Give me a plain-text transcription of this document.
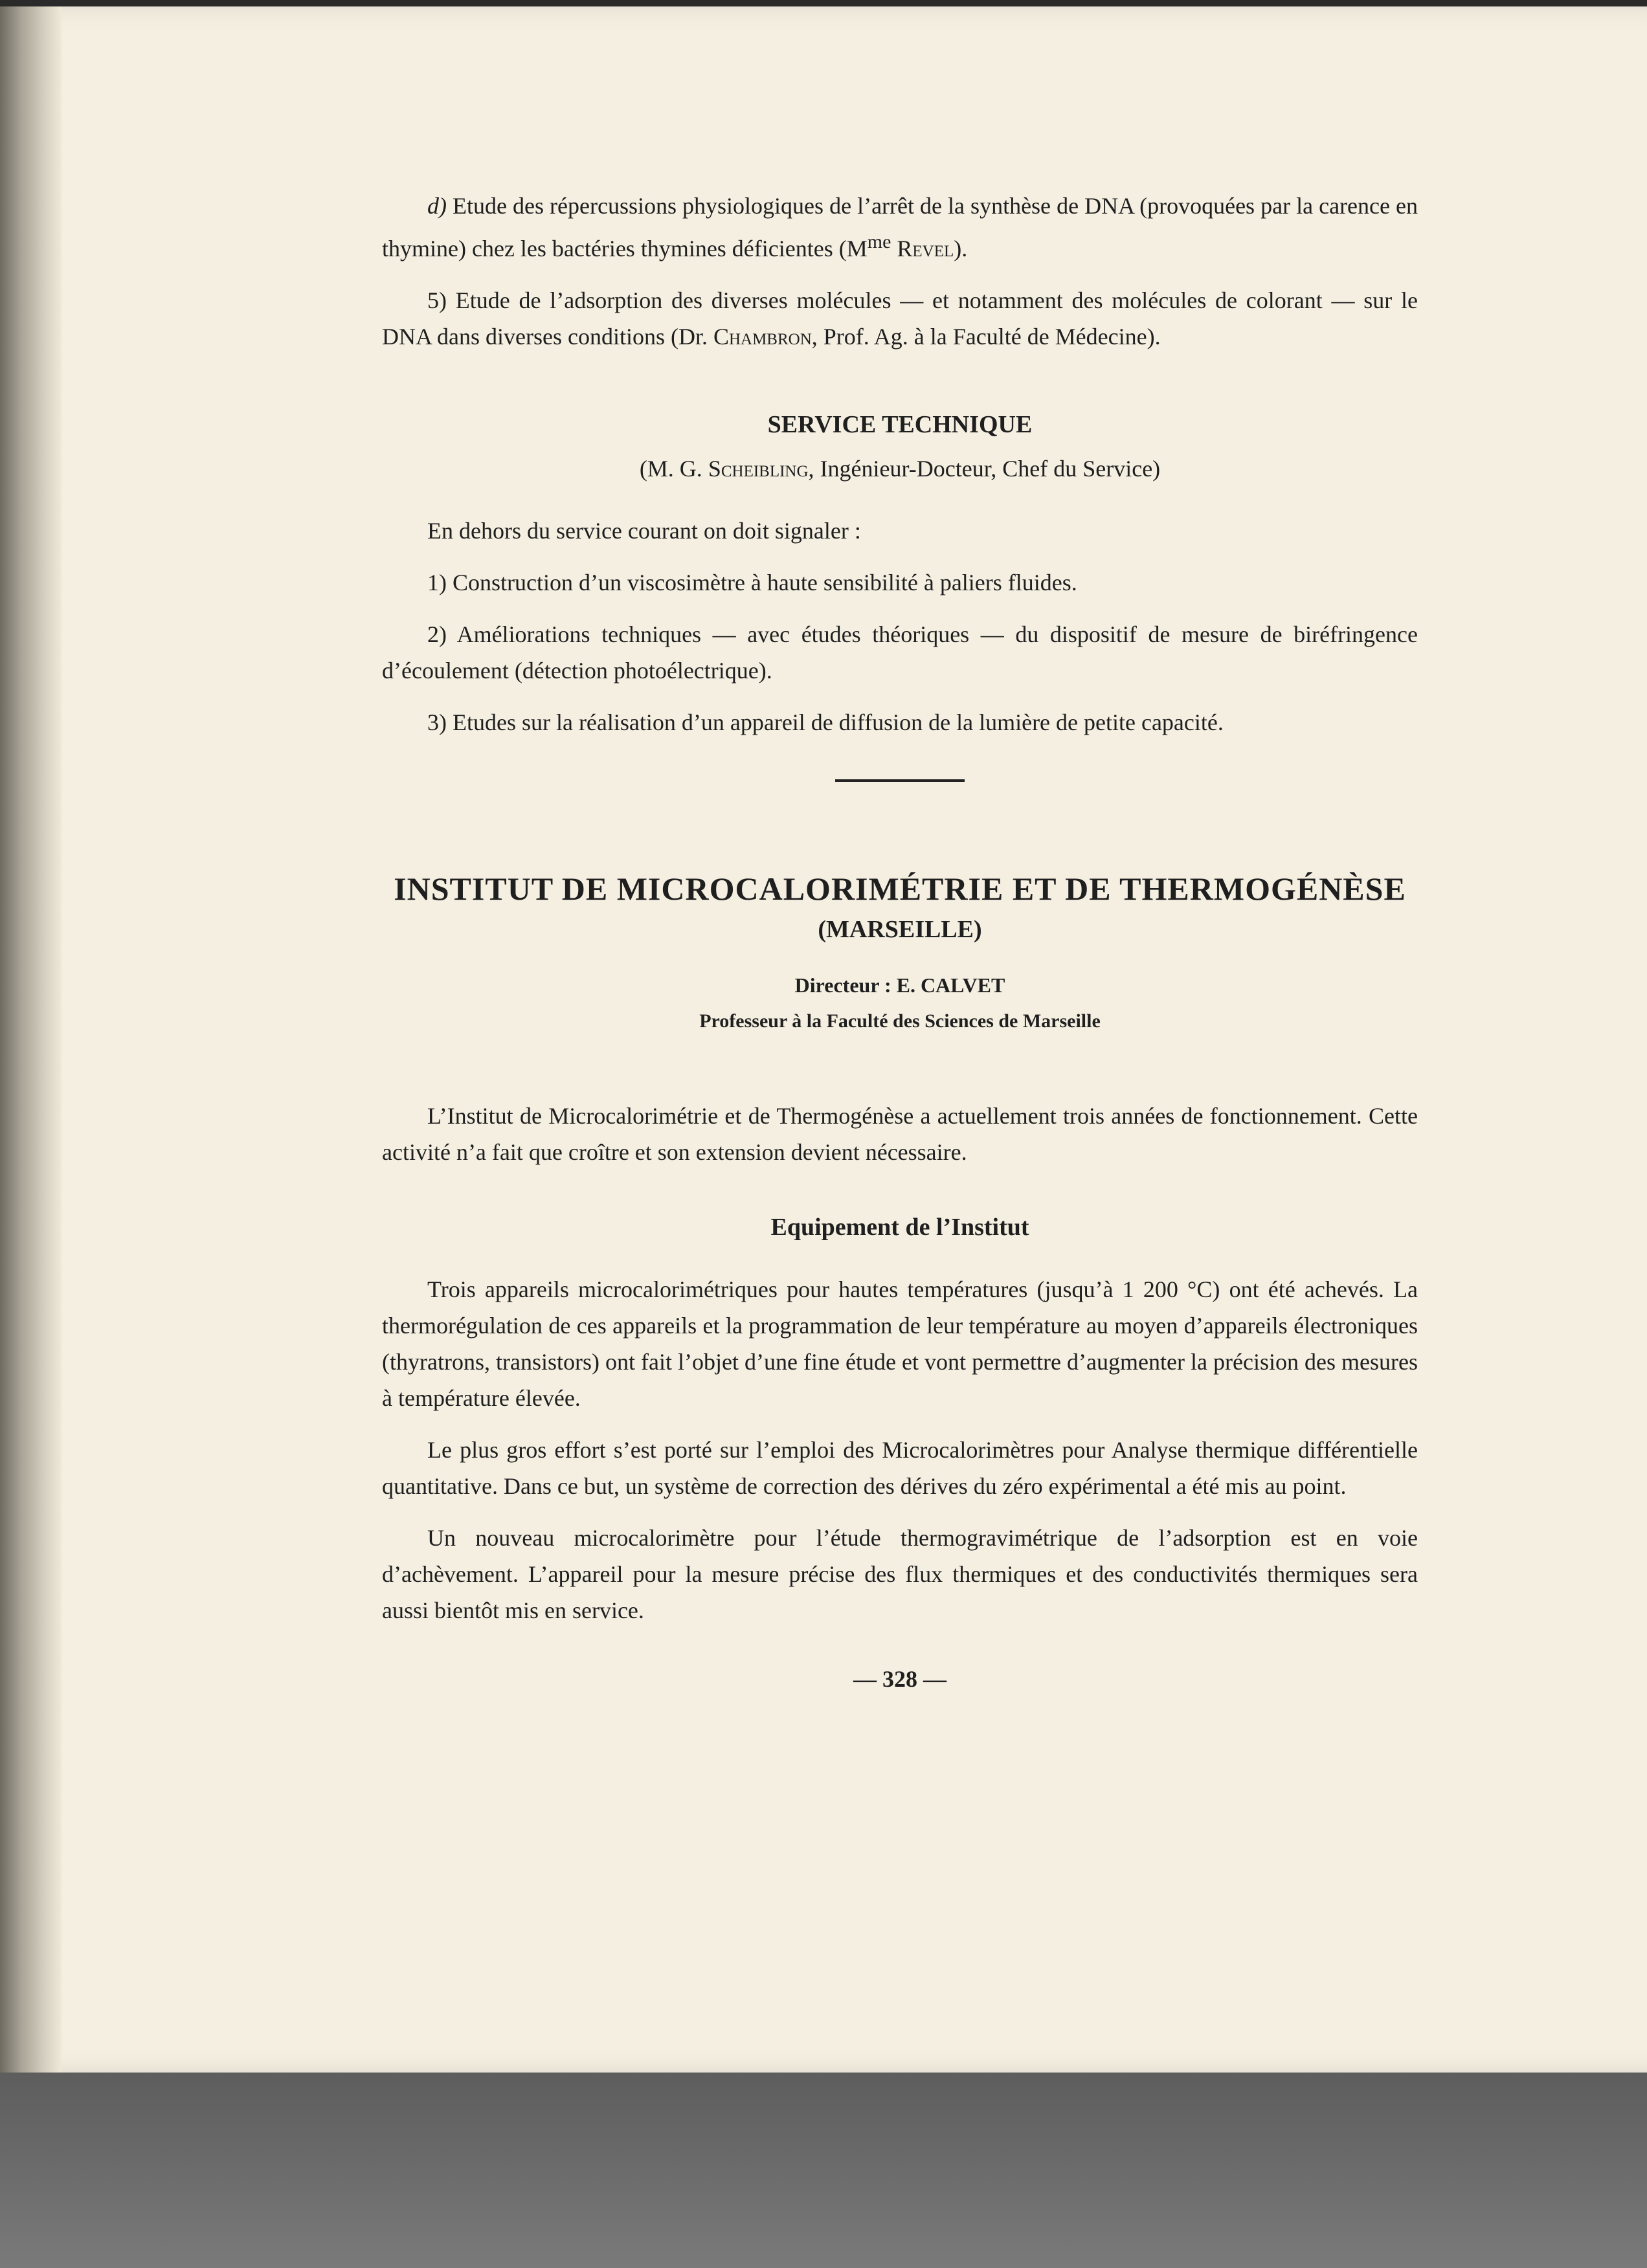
d) Etude des répercussions physiologiques de l’arrêt de la synthèse de DNA (provoquées par la carence en thymine) chez les bactéries thymines déficientes ($M^{me}$ Revel).

5) Etude de l’adsorption des diverses molécules — et notamment des molécules de colorant — sur le DNA dans diverses conditions (Dr. Chambron, Prof. Ag. à la Faculté de Médecine).

SERVICE TECHNIQUE

(M. G. Scheibling, Ingénieur-Docteur, Chef du Service)

En dehors du service courant on doit signaler :

1) Construction d’un viscosimètre à haute sensibilité à paliers fluides.

2) Améliorations techniques — avec études théoriques — du dispositif de mesure de biréfringence d’écoulement (détection photoélectrique).

3) Etudes sur la réalisation d’un appareil de diffusion de la lumière de petite capacité.

INSTITUT DE MICROCALORIMÉTRIE ET DE THERMOGÉNÈSE

(MARSEILLE)

Directeur : E. CALVET

Professeur à la Faculté des Sciences de Marseille

L’Institut de Microcalorimétrie et de Thermogénèse a actuellement trois années de fonctionnement. Cette activité n’a fait que croître et son extension devient nécessaire.

Equipement de l’Institut

Trois appareils microcalorimétriques pour hautes températures (jusqu’à 1 200 °C) ont été achevés. La thermorégulation de ces appareils et la programmation de leur température au moyen d’appareils électroniques (thyratrons, transistors) ont fait l’objet d’une fine étude et vont permettre d’augmenter la précision des mesures à température élevée.

Le plus gros effort s’est porté sur l’emploi des Microcalorimètres pour Analyse thermique différentielle quantitative. Dans ce but, un système de correction des dérives du zéro expérimental a été mis au point.

Un nouveau microcalorimètre pour l’étude thermogravimétrique de l’adsorption est en voie d’achèvement. L’appareil pour la mesure précise des flux thermiques et des conductivités thermiques sera aussi bientôt mis en service.

— 328 —
